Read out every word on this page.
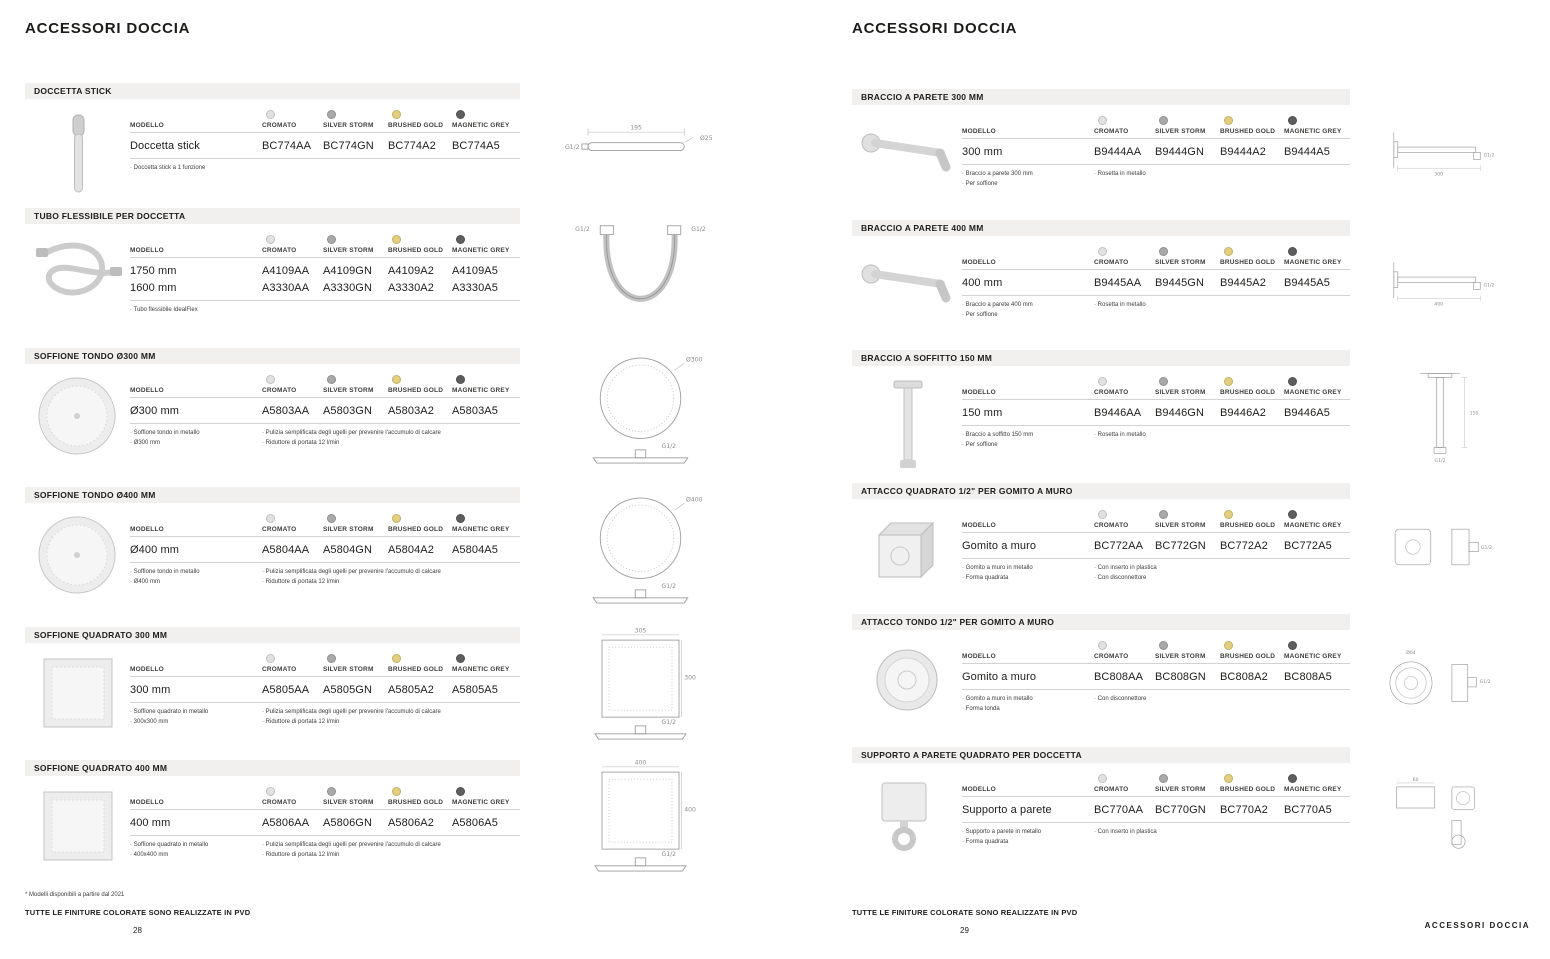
ACCESSORI DOCCIA
DOCCETTA STICK
MODELLO	CROMATO	SILVER STORM	BRUSHED GOLD	MAGNETIC GREY
Doccetta stick	BC774AA	BC774GN	BC774A2	BC774A5
· Doccetta stick a 1 funzione
195
G1/2
Ø25
TUBO FLESSIBILE PER DOCCETTA
MODELLO	CROMATO	SILVER STORM	BRUSHED GOLD	MAGNETIC GREY
1750 mm	A4109AA	A4109GN	A4109A2	A4109A5
1600 mm	A3330AA	A3330GN	A3330A2	A3330A5
· Tubo flessibile IdealFlex
G1/2	G1/2
SOFFIONE TONDO Ø300 MM
MODELLO	CROMATO	SILVER STORM	BRUSHED GOLD	MAGNETIC GREY
Ø300 mm	A5803AA	A5803GN	A5803A2	A5803A5
· Soffione tondo in metallo
· Ø300 mm
· Pulizia semplificata degli ugelli per prevenire l'accumulo di calcare
· Riduttore di portata 12 l/min
Ø300
G1/2
SOFFIONE TONDO Ø400 MM
MODELLO	CROMATO	SILVER STORM	BRUSHED GOLD	MAGNETIC GREY
Ø400 mm	A5804AA	A5804GN	A5804A2	A5804A5
· Soffione tondo in metallo
· Ø400 mm
· Pulizia semplificata degli ugelli per prevenire l'accumulo di calcare
· Riduttore di portata 12 l/min
Ø400
G1/2
SOFFIONE QUADRATO 300 MM
MODELLO	CROMATO	SILVER STORM	BRUSHED GOLD	MAGNETIC GREY
300 mm	A5805AA	A5805GN	A5805A2	A5805A5
· Soffione quadrato in metallo
· 300x300 mm
· Pulizia semplificata degli ugelli per prevenire l'accumulo di calcare
· Riduttore di portata 12 l/min
305
300
G1/2
SOFFIONE QUADRATO 400 MM
MODELLO	CROMATO	SILVER STORM	BRUSHED GOLD	MAGNETIC GREY
400 mm	A5806AA	A5806GN	A5806A2	A5806A5
· Soffione quadrato in metallo
· 400x400 mm
· Pulizia semplificata degli ugelli per prevenire l'accumulo di calcare
· Riduttore di portata 12 l/min
400
400
G1/2
* Modelli disponibili a partire dal 2021
TUTTE LE FINITURE COLORATE SONO REALIZZATE IN PVD
28
ACCESSORI DOCCIA
BRACCIO A PARETE 300 MM
MODELLO	CROMATO	SILVER STORM	BRUSHED GOLD	MAGNETIC GREY
300 mm	B9444AA	B9444GN	B9444A2	B9444A5
· Braccio a parete 300 mm
· Per soffione
· Rosetta in metallo	300
G1/2
BRACCIO A PARETE 400 MM
MODELLO	CROMATO	SILVER STORM	BRUSHED GOLD	MAGNETIC GREY
400 mm	B9445AA	B9445GN	B9445A2	B9445A5
· Braccio a parete 400 mm
· Per soffione
· Rosetta in metallo	400
G1/2
BRACCIO A SOFFITTO 150 MM
MODELLO	CROMATO	SILVER STORM	BRUSHED GOLD	MAGNETIC GREY
150 mm	B9446AA	B9446GN	B9446A2	B9446A5
· Braccio a soffitto 150 mm
· Per soffione
· Rosetta in metallo
150
G1/2
ATTACCO QUADRATO 1/2" PER GOMITO A MURO
MODELLO	CROMATO	SILVER STORM	BRUSHED GOLD	MAGNETIC GREY
Gomito a muro	BC772AA	BC772GN	BC772A2	BC772A5
· Gomito a muro in metallo
· Forma quadrata
· Con inserto in plastica
· Con disconnettore
G1/2
ATTACCO TONDO 1/2" PER GOMITO A MURO
MODELLO	CROMATO	SILVER STORM	BRUSHED GOLD	MAGNETIC GREY
Gomito a muro	BC808AA	BC808GN	BC808A2	BC808A5
· Gomito a muro in metallo
· Forma tonda
· Con disconnettore
Ø64
G1/2
SUPPORTO A PARETE QUADRATO PER DOCCETTA
MODELLO	CROMATO	SILVER STORM	BRUSHED GOLD	MAGNETIC GREY
Supporto a parete	BC770AA	BC770GN	BC770A2	BC770A5
· Supporto a parete in metallo
· Forma quadrata
· Con inserto in plastica
60
TUTTE LE FINITURE COLORATE SONO REALIZZATE IN PVD
29
ACCESSORI DOCCIA
